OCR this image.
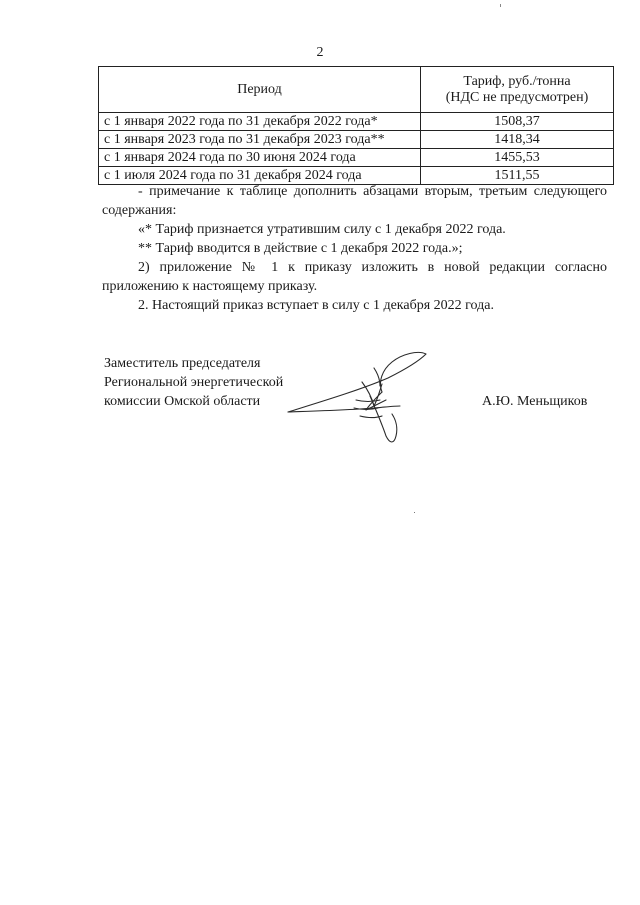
2
Период	Тариф, руб./тонна
(НДС не предусмотрен)
с 1 января 2022 года по 31 декабря 2022 года*	1508,37
с 1 января 2023 года по 31 декабря 2023 года**	1418,34
с 1 января 2024 года по 30 июня 2024 года	1455,53
с 1 июля 2024 года по 31 декабря 2024 года	1511,55
- примечание к таблице дополнить абзацами вторым, третьим следующего содержания:
«* Тариф признается утратившим силу с 1 декабря 2022 года.
** Тариф вводится в действие с 1 декабря 2022 года.»;
2) приложение № 1 к приказу изложить в новой редакции согласно приложению к настоящему приказу.
2. Настоящий приказ вступает в силу с 1 декабря 2022 года.
Заместитель председателя
Региональной энергетической
комиссии Омской области	А.Ю. Меньщиков
